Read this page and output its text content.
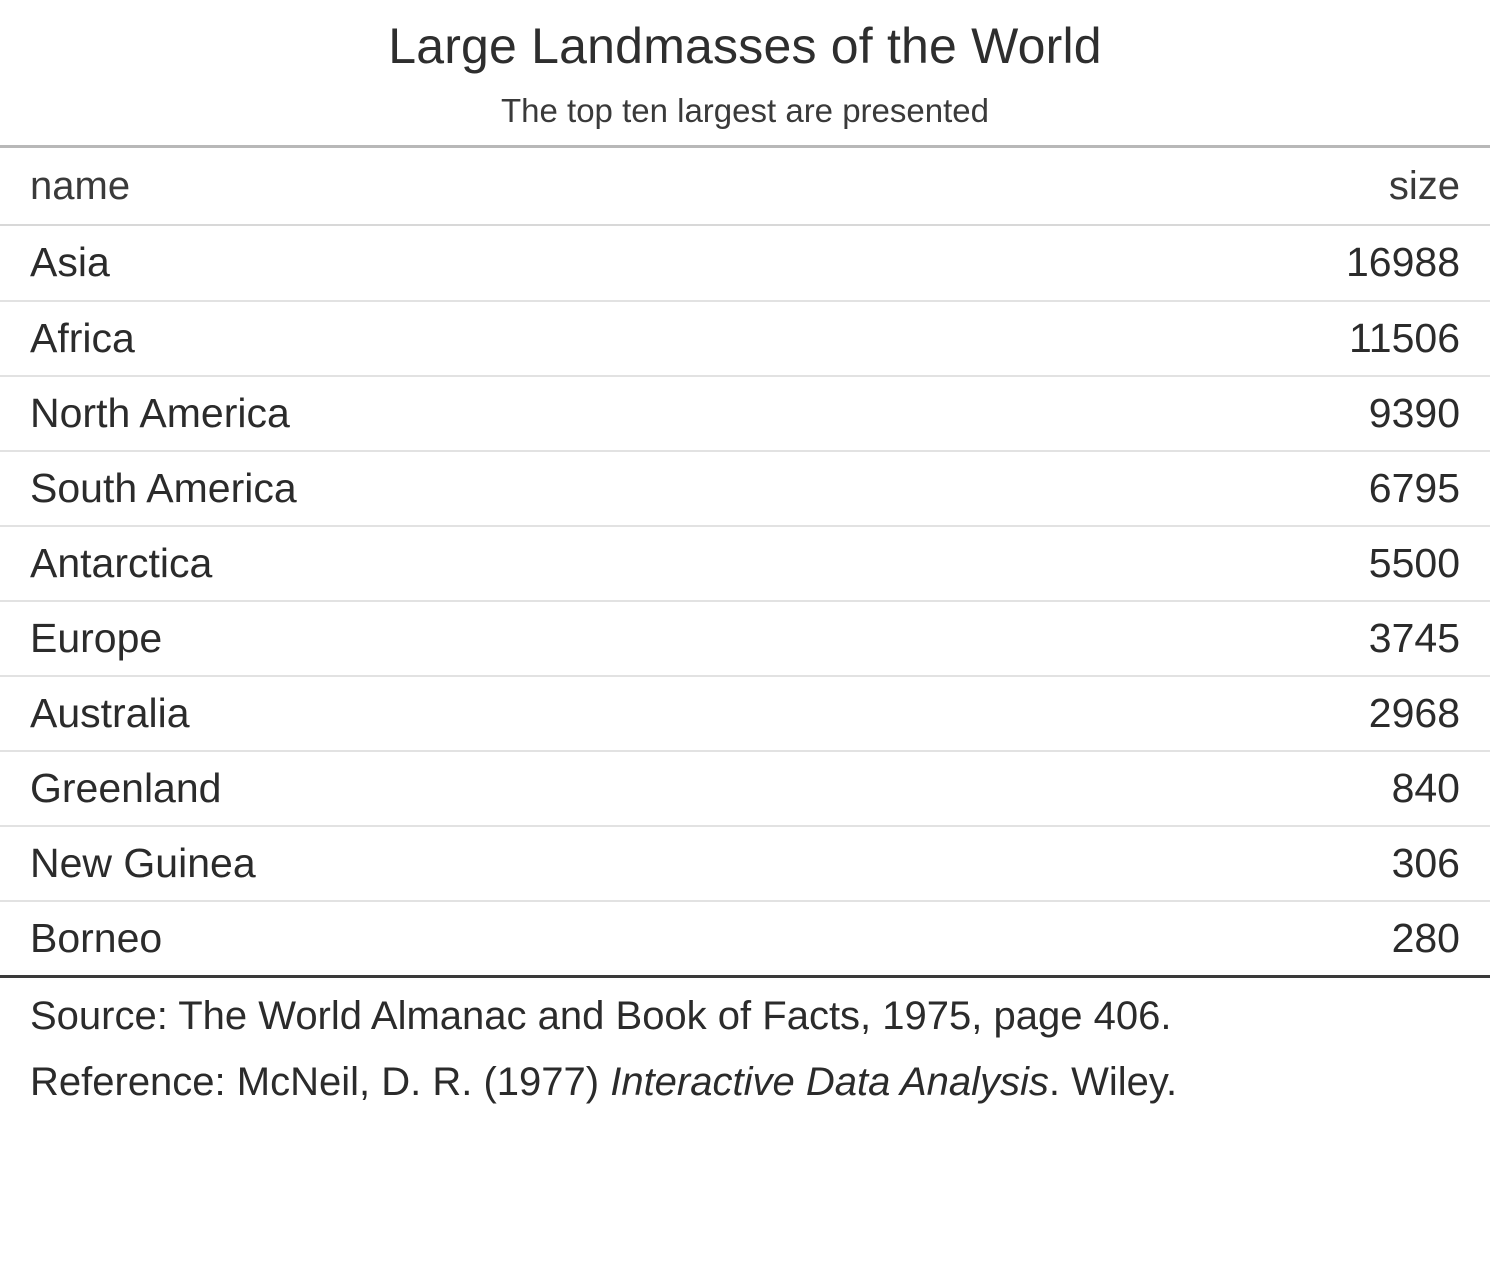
Large Landmasses of the World
The top ten largest are presented
name	size
Asia	16988
Africa	11506
North America	9390
South America	6795
Antarctica	5500
Europe	3745
Australia	2968
Greenland	840
New Guinea	306
Borneo	280

Source: The World Almanac and Book of Facts, 1975, page 406.	
Reference: McNeil, D. R. (1977) Interactive Data Analysis. Wiley.	
